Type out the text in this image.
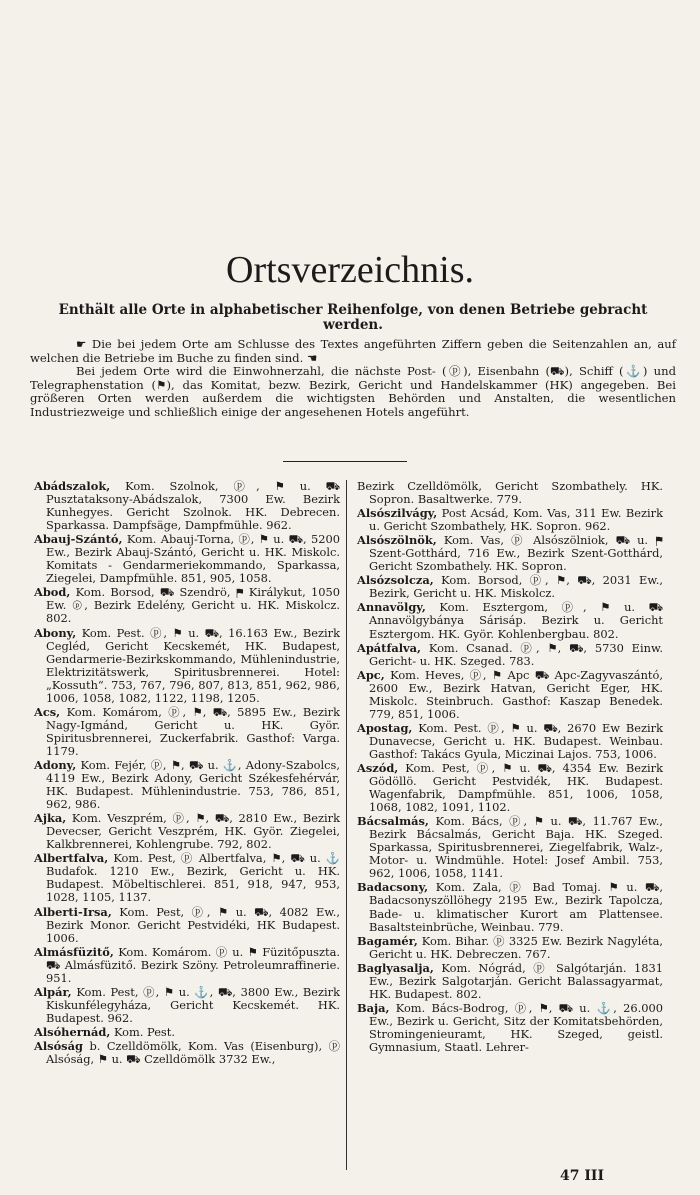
Ortsverzeichnis.
Enthält alle Orte in alphabetischer Reihenfolge, von denen Betriebe gebracht werden.

☛ Die bei jedem Orte am Schlusse des Textes angeführten Ziffern geben die Seitenzahlen an, auf welchen die Betriebe im Buche zu finden sind. ☚

Bei jedem Orte wird die Einwohnerzahl, die nächste Post- (ⓟ), Eisenbahn (⛟), Schiff (⚓) und Telegraphenstation (⚑), das Komitat, bezw. Bezirk, Gericht und Handelskammer (HK) angegeben. Bei größeren Orten werden außerdem die wichtigsten Behörden und Anstalten, die wesentlichen Industriezweige und schließlich einige der angesehenen Hotels angeführt.

Abádszalok, Kom. Szolnok, ⓟ, ⚑ u. ⛟ Pusztataksony-Abádszalok, 7300 Ew. Bezirk Kunhegyes. Gericht Szolnok. HK. Debrecen. Sparkassa. Dampfsäge, Dampfmühle. 962.

Abauj-Szántó, Kom. Abauj-Torna, ⓟ, ⚑ u. ⛟, 5200 Ew., Bezirk Abauj-Szántó, Gericht u. HK. Miskolc. Komitats - Gendarmeriekommando, Sparkassa, Ziegelei, Dampfmühle. 851, 905, 1058.

Abod, Kom. Borsod, ⛟ Szendrö, ⚑ Királykut, 1050 Ew. ⓟ, Bezirk Edelény, Gericht u. HK. Miskolcz. 802.

Abony, Kom. Pest. ⓟ, ⚑ u. ⛟, 16.163 Ew., Bezirk Cegléd, Gericht Kecskemét, HK. Budapest, Gendarmerie-Bezirkskommando, Mühlenindustrie, Elektrizitätswerk, Spiritusbrennerei. Hotel: „Kossuth“. 753, 767, 796, 807, 813, 851, 962, 986, 1006, 1058, 1082, 1122, 1198, 1205.

Acs, Kom. Komárom, ⓟ, ⚑, ⛟, 5895 Ew., Bezirk Nagy-Igmánd, Gericht u. HK. Györ. Spiritusbrennerei, Zuckerfabrik. Gasthof: Varga. 1179.

Adony, Kom. Fejér, ⓟ, ⚑, ⛟ u. ⚓, Adony-Szabolcs, 4119 Ew., Bezirk Adony, Gericht Székesfehérvár, HK. Budapest. Mühlenindustrie. 753, 786, 851, 962, 986.

Ajka, Kom. Veszprém, ⓟ, ⚑, ⛟, 2810 Ew., Bezirk Devecser, Gericht Veszprém, HK. Györ. Ziegelei, Kalkbrennerei, Kohlengrube. 792, 802.

Albertfalva, Kom. Pest, ⓟ Albertfalva, ⚑, ⛟ u. ⚓ Budafok. 1210 Ew., Bezirk, Gericht u. HK. Budapest. Möbeltischlerei. 851, 918, 947, 953, 1028, 1105, 1137.

Alberti-Irsa, Kom. Pest, ⓟ, ⚑ u. ⛟, 4082 Ew., Bezirk Monor. Gericht Pestvidéki, HK Budapest. 1006.

Almásfüzitő, Kom. Komárom. ⓟ u. ⚑ Füzitőpuszta. ⛟ Almásfüzitő. Bezirk Szöny. Petroleumraffinerie. 951.

Alpár, Kom. Pest, ⓟ, ⚑ u. ⚓, ⛟, 3800 Ew., Bezirk Kiskunfélegyháza, Gericht Kecskemét. HK. Budapest. 962.

Alsóhernád, Kom. Pest.

Alsóság b. Czelldömölk, Kom. Vas (Eisenburg), ⓟ Alsóság, ⚑ u. ⛟ Czelldömölk 3732 Ew.,

Bezirk Czelldömölk, Gericht Szombathely. HK. Sopron. Basaltwerke. 779.

Alsószilvágy, Post Acsád, Kom. Vas, 311 Ew. Bezirk u. Gericht Szombathely, HK. Sopron. 962.

Alsószölnök, Kom. Vas, ⓟ Alsószölniok, ⛟ u. ⚑ Szent-Gotthárd, 716 Ew., Bezirk Szent-Gotthárd, Gericht Szombathely. HK. Sopron.

Alsózsolcza, Kom. Borsod, ⓟ, ⚑, ⛟, 2031 Ew., Bezirk, Gericht u. HK. Miskolcz.

Annavölgy, Kom. Esztergom, ⓟ, ⚑ u. ⛟ Annavölgybánya Sárisáp. Bezirk u. Gericht Esztergom. HK. Györ. Kohlenbergbau. 802.

Apátfalva, Kom. Csanad. ⓟ, ⚑, ⛟, 5730 Einw. Gericht- u. HK. Szeged. 783.

Apc, Kom. Heves, ⓟ, ⚑ Apc ⛟ Apc-Zagyvaszántó, 2600 Ew., Bezirk Hatvan, Gericht Eger, HK. Miskolc. Steinbruch. Gasthof: Kaszap Benedek. 779, 851, 1006.

Apostag, Kom. Pest. ⓟ, ⚑ u. ⛟, 2670 Ew Bezirk Dunavecse, Gericht u. HK. Budapest. Weinbau. Gasthof: Takács Gyula, Miczinai Lajos. 753, 1006.

Aszód, Kom. Pest, ⓟ, ⚑ u. ⛟, 4354 Ew. Bezirk Gödöllö. Gericht Pestvidék, HK. Budapest. Wagenfabrik, Dampfmühle. 851, 1006, 1058, 1068, 1082, 1091, 1102.

Bácsalmás, Kom. Bács, ⓟ, ⚑ u. ⛟, 11.767 Ew., Bezirk Bácsalmás, Gericht Baja. HK. Szeged. Sparkassa, Spiritusbrennerei, Ziegelfabrik, Walz-, Motor- u. Windmühle. Hotel: Josef Ambil. 753, 962, 1006, 1058, 1141.

Badacsony, Kom. Zala, ⓟ Bad Tomaj. ⚑ u. ⛟, Badacsonyszöllöhegy 2195 Ew., Bezirk Tapolcza, Bade- u. klimatischer Kurort am Plattensee. Basaltsteinbrüche, Weinbau. 779.

Bagamér, Kom. Bihar. ⓟ 3325 Ew. Bezirk Nagyléta, Gericht u. HK. Debreczen. 767.

Baglyasalja, Kom. Nógrád, ⓟ Salgótarján. 1831 Ew., Bezirk Salgotarján. Gericht Balassagyarmat, HK. Budapest. 802.

Baja, Kom. Bács-Bodrog, ⓟ, ⚑, ⛟ u. ⚓, 26.000 Ew., Bezirk u. Gericht, Sitz der Komitatsbehörden, Stromingenieuramt, HK. Szeged, geistl. Gymnasium, Staatl. Lehrer-

47 III
